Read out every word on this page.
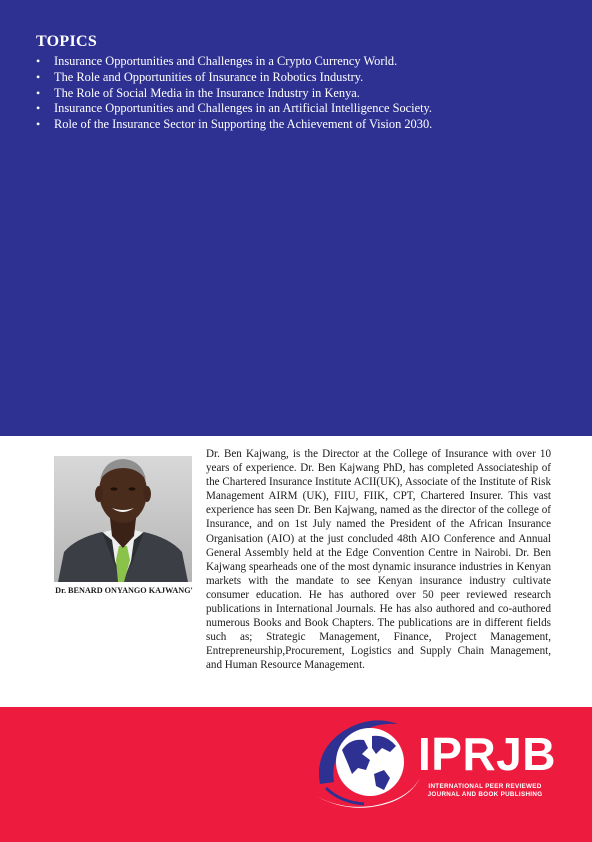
TOPICS
• Insurance Opportunities and Challenges in a Crypto Currency World.
• The Role and Opportunities of Insurance in Robotics Industry.
• The Role of Social Media in the Insurance Industry in Kenya.
• Insurance Opportunities and Challenges in an Artificial Intelligence Society.
• Role of the Insurance Sector in Supporting the Achievement of Vision 2030.
Dr. BENARD ONYANGO KAJWANG'

Dr. Ben Kajwang, is the Director at the College of Insurance with over 10 years of experience. Dr. Ben Kajwang PhD, has completed Associateship of the Chartered Insurance Institute ACII(UK), Associate of the Institute of Risk Management AIRM (UK), FIIU, FIIK, CPT, Chartered Insurer. This vast experience has seen Dr. Ben Kajwang, named as the director of the college of Insurance, and on 1st July named the President of the African Insurance Organisation (AIO) at the just concluded 48th AIO Conference and Annual General Assembly held at the Edge Convention Centre in Nairobi. Dr. Ben Kajwang spearheads one of the most dynamic insurance industries in Kenyan markets with the mandate to see Kenyan insurance industry cultivate consumer education. He has authored over 50 peer reviewed research publications in International Journals. He has also authored and co-authored numerous Books and Book Chapters. The publications are in different fields such as; Strategic Management, Finance, Project Management, Entrepreneurship,Procurement, Logistics and Supply Chain Management, and Human Resource Management.

IPRJB
INTERNATIONAL PEER REVIEWED JOURNAL AND BOOK PUBLISHING
